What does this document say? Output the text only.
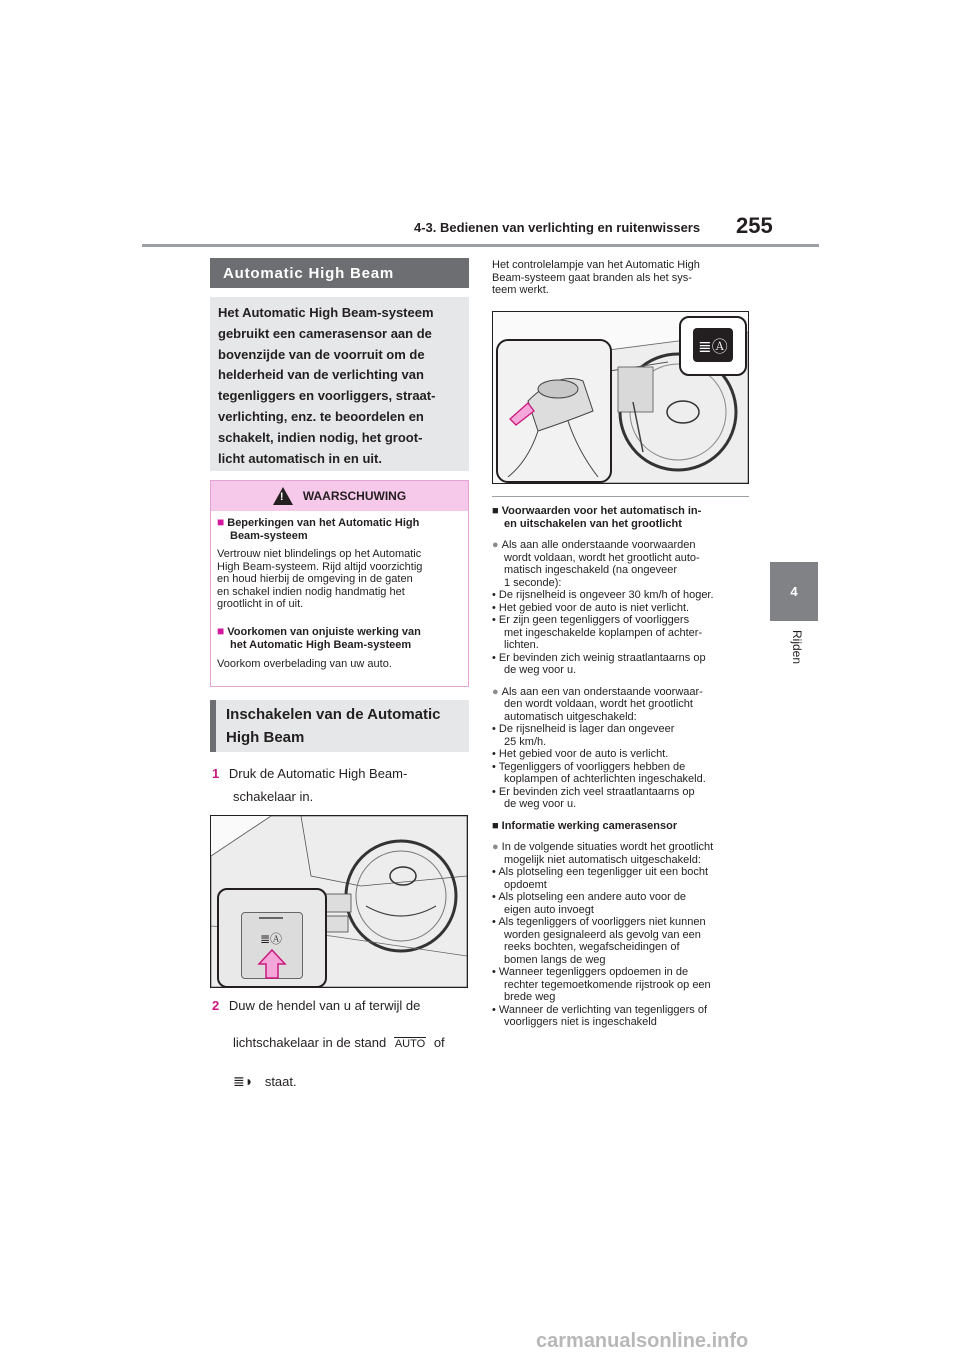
4-3. Bedienen van verlichting en ruitenwissers 255
4
Rijden
Automatic High Beam
Het Automatic High Beam-systeem
gebruikt een camerasensor aan de
bovenzijde van de voorruit om de
helderheid van de verlichting van
tegenliggers en voorliggers, straat-
verlichting, enz. te beoordelen en
schakelt, indien nodig, het groot-
licht automatisch in en uit.
!
WAARSCHUWING
■ Beperkingen van het Automatic High
Beam-systeem
Vertrouw niet blindelings op het Automatic
High Beam-systeem. Rijd altijd voorzichtig
en houd hierbij de omgeving in de gaten
en schakel indien nodig handmatig het
grootlicht in of uit.
■ Voorkomen van onjuiste werking van
het Automatic High Beam-systeem
Voorkom overbelading van uw auto.
Inschakelen van de Automatic
High Beam
1 Druk de Automatic High Beam-
schakelaar in.
≣Ⓐ
2 Duw de hendel van u af terwijl de
lichtschakelaar in de stand AUTO of
≣◗ staat.
Het controlelampje van het Automatic High
Beam-systeem gaat branden als het sys-
teem werkt.
≣Ⓐ
■ Voorwaarden voor het automatisch in-
en uitschakelen van het grootlicht
● Als aan alle onderstaande voorwaarden
wordt voldaan, wordt het grootlicht auto-
matisch ingeschakeld (na ongeveer
1 seconde):
• De rijsnelheid is ongeveer 30 km/h of hoger.
• Het gebied voor de auto is niet verlicht.
• Er zijn geen tegenliggers of voorliggers
met ingeschakelde koplampen of achter-
lichten.
• Er bevinden zich weinig straatlantaarns op
de weg voor u.
● Als aan een van onderstaande voorwaar-
den wordt voldaan, wordt het grootlicht
automatisch uitgeschakeld:
• De rijsnelheid is lager dan ongeveer
25 km/h.
• Het gebied voor de auto is verlicht.
• Tegenliggers of voorliggers hebben de
koplampen of achterlichten ingeschakeld.
• Er bevinden zich veel straatlantaarns op
de weg voor u.
■ Informatie werking camerasensor
● In de volgende situaties wordt het grootlicht
mogelijk niet automatisch uitgeschakeld:
• Als plotseling een tegenligger uit een bocht
opdoemt
• Als plotseling een andere auto voor de
eigen auto invoegt
• Als tegenliggers of voorliggers niet kunnen
worden gesignaleerd als gevolg van een
reeks bochten, wegafscheidingen of
bomen langs de weg
• Wanneer tegenliggers opdoemen in de
rechter tegemoetkomende rijstrook op een
brede weg
• Wanneer de verlichting van tegenliggers of
voorliggers niet is ingeschakeld
carmanualsonline.info
